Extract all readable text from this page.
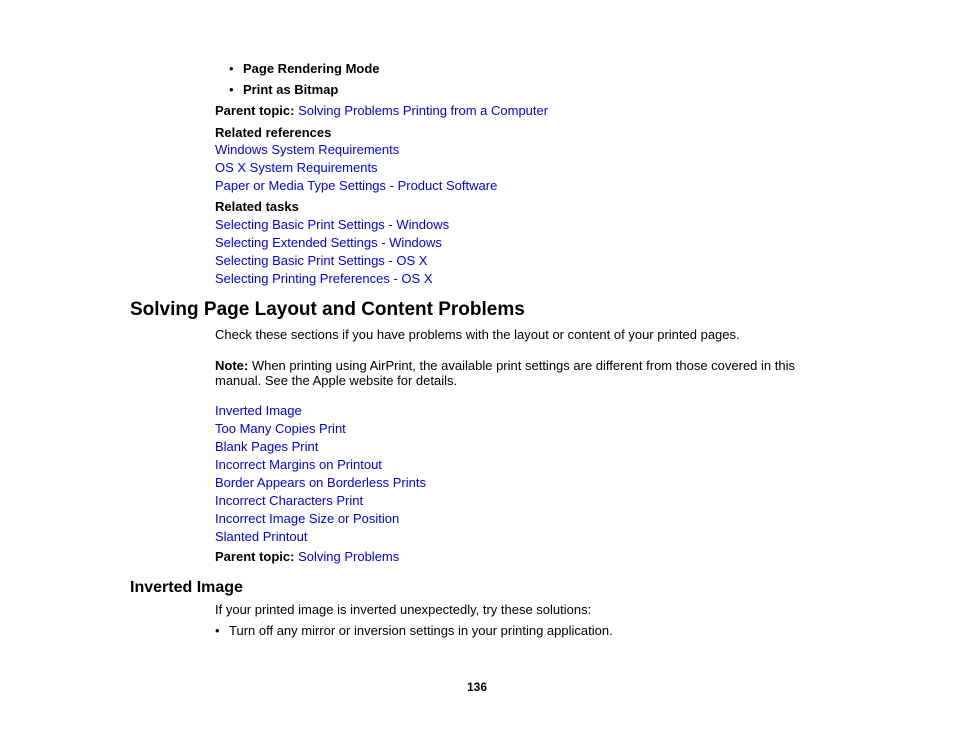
• Page Rendering Mode
• Print as Bitmap
Parent topic: Solving Problems Printing from a Computer
Related references
Windows System Requirements
OS X System Requirements
Paper or Media Type Settings - Product Software
Related tasks
Selecting Basic Print Settings - Windows
Selecting Extended Settings - Windows
Selecting Basic Print Settings - OS X
Selecting Printing Preferences - OS X
Solving Page Layout and Content Problems
Check these sections if you have problems with the layout or content of your printed pages.
Note: When printing using AirPrint, the available print settings are different from those covered in this manual. See the Apple website for details.
Inverted Image
Too Many Copies Print
Blank Pages Print
Incorrect Margins on Printout
Border Appears on Borderless Prints
Incorrect Characters Print
Incorrect Image Size or Position
Slanted Printout
Parent topic: Solving Problems
Inverted Image
If your printed image is inverted unexpectedly, try these solutions:
• Turn off any mirror or inversion settings in your printing application.
136
